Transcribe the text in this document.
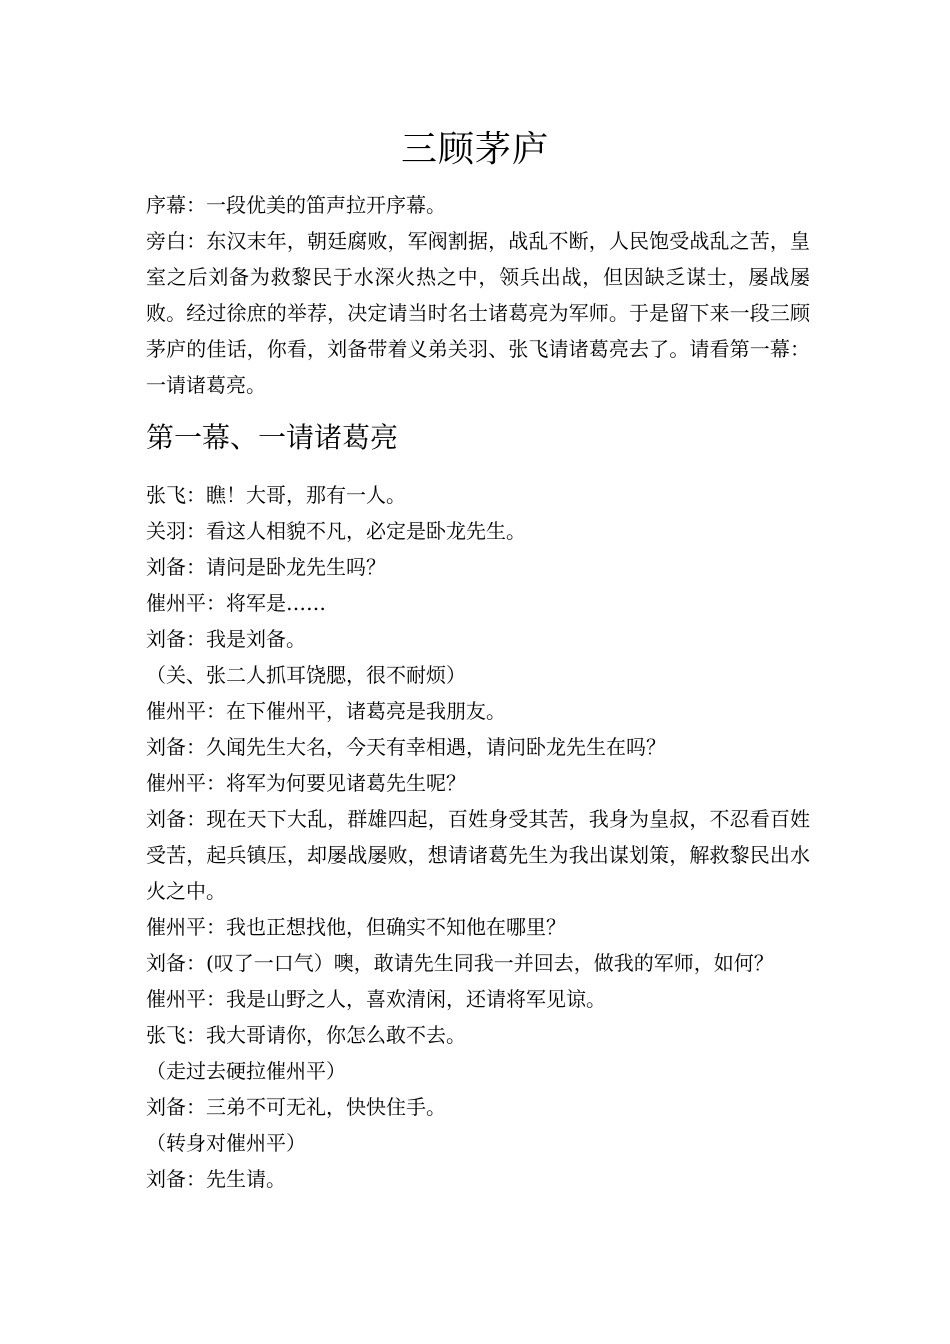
三顾茅庐

序幕：一段优美的笛声拉开序幕。

旁白：东汉末年，朝廷腐败，军阀割据，战乱不断，人民饱受战乱之苦，皇室之后刘备为救黎民于水深火热之中，领兵出战，但因缺乏谋士，屡战屡败。经过徐庶的举荐，决定请当时名士诸葛亮为军师。于是留下来一段三顾茅庐的佳话，你看，刘备带着义弟关羽、张飞请诸葛亮去了。请看第一幕：一请诸葛亮。

第一幕、一请诸葛亮

张飞：瞧！大哥，那有一人。

关羽：看这人相貌不凡，必定是卧龙先生。

刘备：请问是卧龙先生吗？

催州平：将军是……

刘备：我是刘备。

（关、张二人抓耳饶腮，很不耐烦）

催州平：在下催州平，诸葛亮是我朋友。

刘备：久闻先生大名，今天有幸相遇，请问卧龙先生在吗？

催州平：将军为何要见诸葛先生呢？

刘备：现在天下大乱，群雄四起，百姓身受其苦，我身为皇叔，不忍看百姓受苦，起兵镇压，却屡战屡败，想请诸葛先生为我出谋划策，解救黎民出水火之中。

催州平：我也正想找他，但确实不知他在哪里？

刘备：(叹了一口气）噢，敢请先生同我一并回去，做我的军师，如何？

催州平：我是山野之人，喜欢清闲，还请将军见谅。

张飞：我大哥请你，你怎么敢不去。

（走过去硬拉催州平）

刘备：三弟不可无礼，快快住手。

（转身对催州平）

刘备：先生请。
